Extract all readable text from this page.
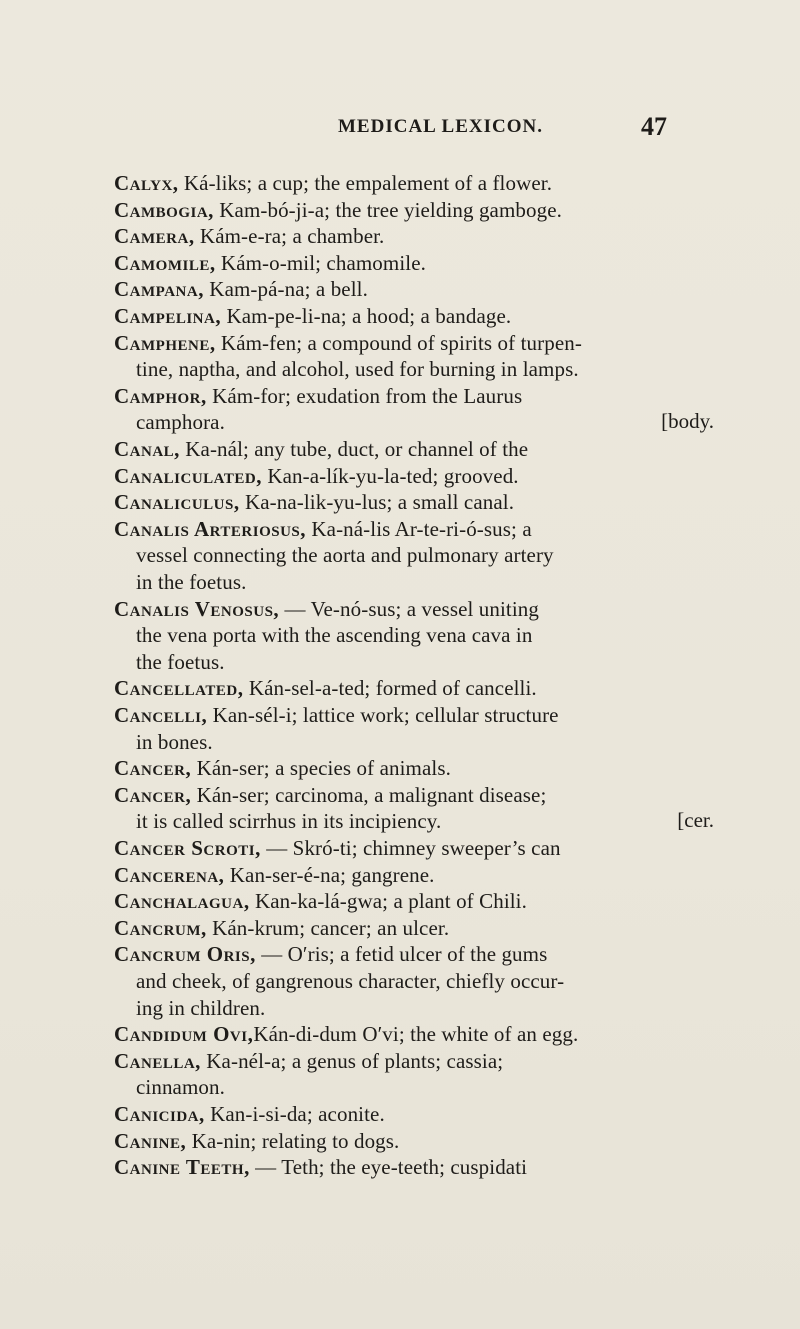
MEDICAL LEXICON.	47
Calyx, Ká-liks; a cup; the empalement of a flower.
Cambogia, Kam-bó-ji-a; the tree yielding gamboge.
Camera, Kám-e-ra; a chamber.
Camomile, Kám-o-mil; chamomile.
Campana, Kam-pá-na; a bell.
Campelina, Kam-pe-li-na; a hood; a bandage.
Camphene, Kám-fen; a compound of spirits of turpen-
tine, naptha, and alcohol, used for burning in lamps.
Camphor, Kám-for; exudation from the Laurus
camphora.	[body.
Canal, Ka-nál; any tube, duct, or channel of the
Canaliculated, Kan-a-lík-yu-la-ted; grooved.
Canaliculus, Ka-na-lik-yu-lus; a small canal.
Canalis Arteriosus, Ka-ná-lis Ar-te-ri-ó-sus; a
vessel connecting the aorta and pulmonary artery
in the foetus.
Canalis Venosus, — Ve-nó-sus; a vessel uniting
the vena porta with the ascending vena cava in
the foetus.
Cancellated, Kán-sel-a-ted; formed of cancelli.
Cancelli, Kan-sél-i; lattice work; cellular structure
in bones.
Cancer, Kán-ser; a species of animals.
Cancer, Kán-ser; carcinoma, a malignant disease;
it is called scirrhus in its incipiency.	[cer.
Cancer Scroti, — Skró-ti; chimney sweeper’s can
Cancerena, Kan-ser-é-na; gangrene.
Canchalagua, Kan-ka-lá-gwa; a plant of Chili.
Cancrum, Kán-krum; cancer; an ulcer.
Cancrum Oris, — O′ris; a fetid ulcer of the gums
and cheek, of gangrenous character, chiefly occur-
ing in children.
Candidum Ovi,Kán-di-dum O′vi; the white of an egg.
Canella, Ka-nél-a; a genus of plants; cassia;
cinnamon.
Canicida, Kan-i-si-da; aconite.
Canine, Ka-nin; relating to dogs.
Canine Teeth, — Teth; the eye-teeth; cuspidati
